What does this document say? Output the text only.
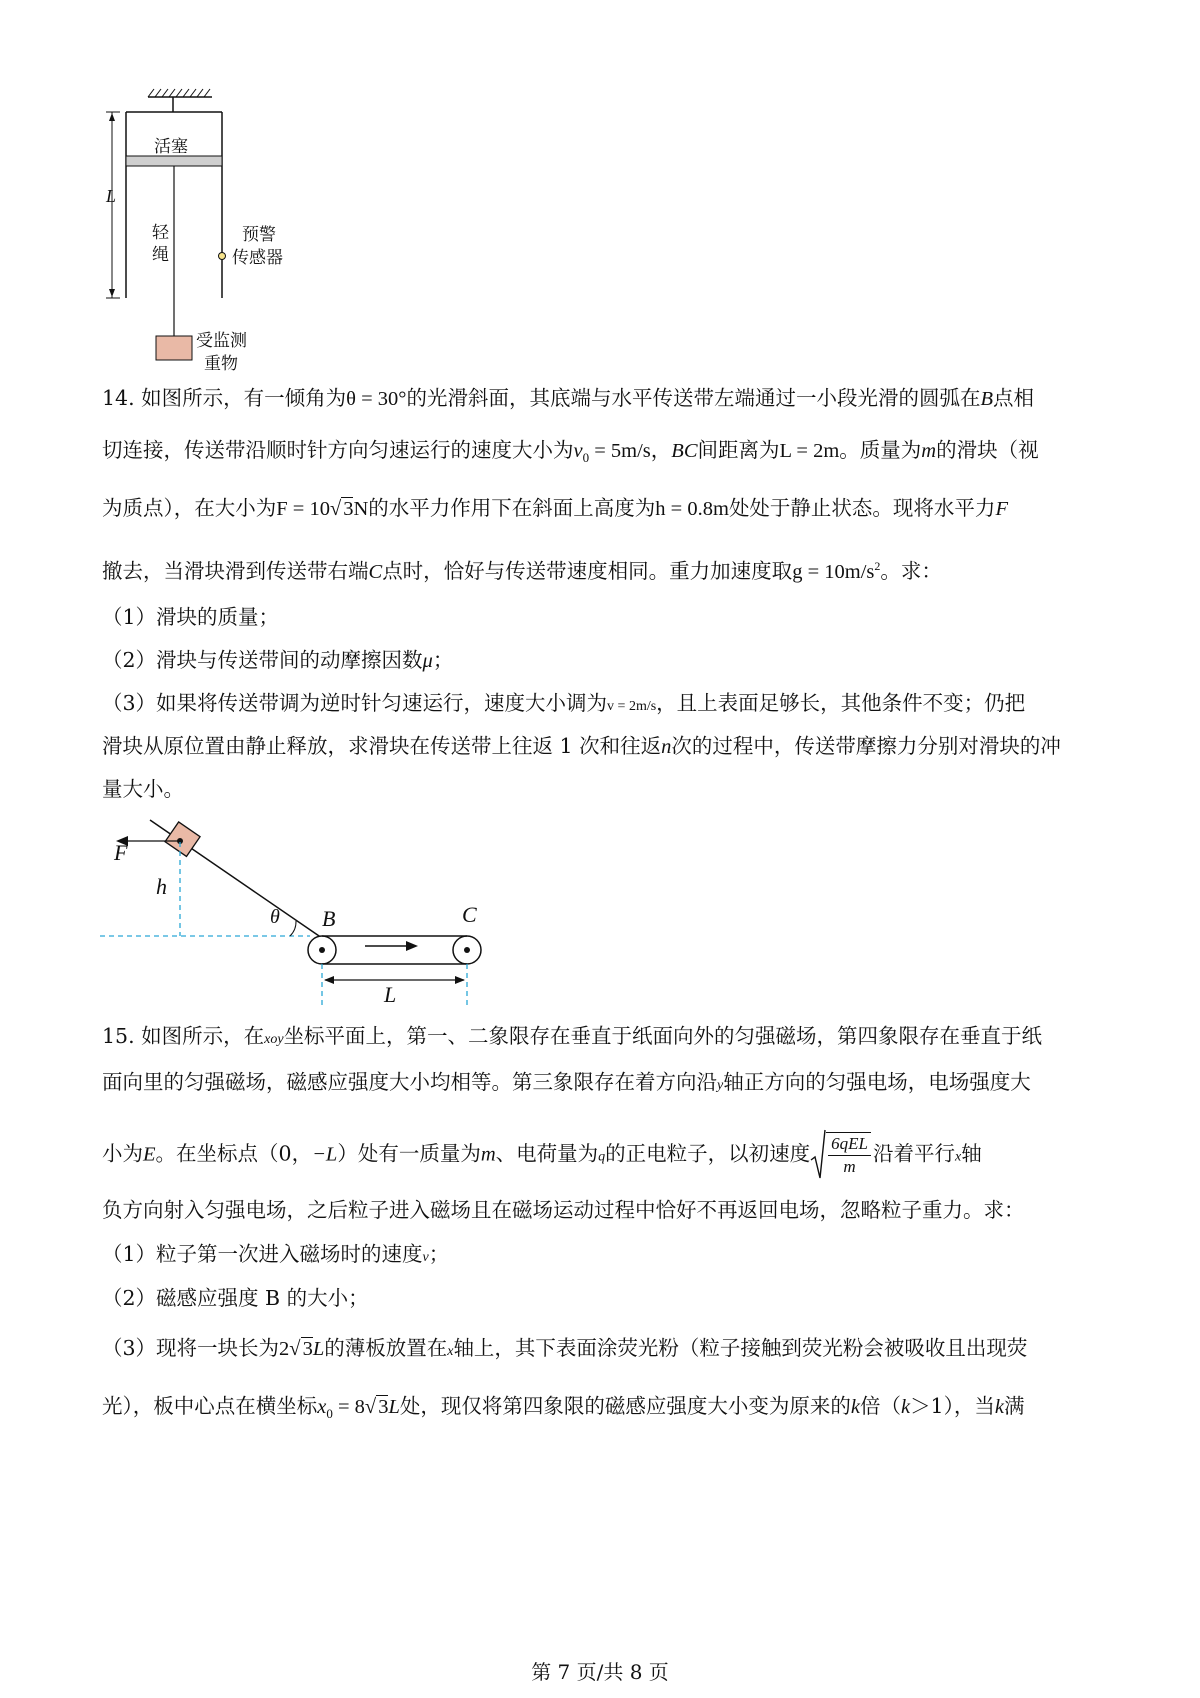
活塞
L
轻
绳
预警
传感器
受监测
重物
14. 如图所示，有一倾角为θ = 30°的光滑斜面，其底端与水平传送带左端通过一小段光滑的圆弧在B点相
切连接，传送带沿顺时针方向匀速运行的速度大小为$v_0 = 5m/s$，BC间距离为L = 2m。质量为m的滑块（视
为质点），在大小为F = 10√3N的水平力作用下在斜面上高度为h = 0.8m处处于静止状态。现将水平力F
撤去，当滑块滑到传送带右端C点时，恰好与传送带速度相同。重力加速度取$g = 10m/s^2$。求：
（1）滑块的质量；
（2）滑块与传送带间的动摩擦因数μ；
（3）如果将传送带调为逆时针匀速运行，速度大小调为v = 2m/s，且上表面足够长，其他条件不变；仍把
滑块从原位置由静止释放，求滑块在传送带上往返 1 次和往返n次的过程中，传送带摩擦力分别对滑块的冲
量大小。
F
h
θ B	C
L
15. 如图所示，在xoy坐标平面上，第一、二象限存在垂直于纸面向外的匀强磁场，第四象限存在垂直于纸
面向里的匀强磁场，磁感应强度大小均相等。第三象限存在着方向沿y轴正方向的匀强电场，电场强度大
小为E。在坐标点（0，−L）处有一质量为m、电荷量为q的正电粒子，以初速度 $\frac{\text{6qEL}}{m}$ 沿着平行x轴
负方向射入匀强电场，之后粒子进入磁场且在磁场运动过程中恰好不再返回电场，忽略粒子重力。求：
（1）粒子第一次进入磁场时的速度v；
（2）磁感应强度 B 的大小；
（3）现将一块长为2√3L的薄板放置在x轴上，其下表面涂荧光粉（粒子接触到荧光粉会被吸收且出现荧
光），板中心点在横坐标$x_0 = 8√3L$处，现仅将第四象限的磁感应强度大小变为原来的k倍（k＞1），当k满
第 7 页/共 8 页
